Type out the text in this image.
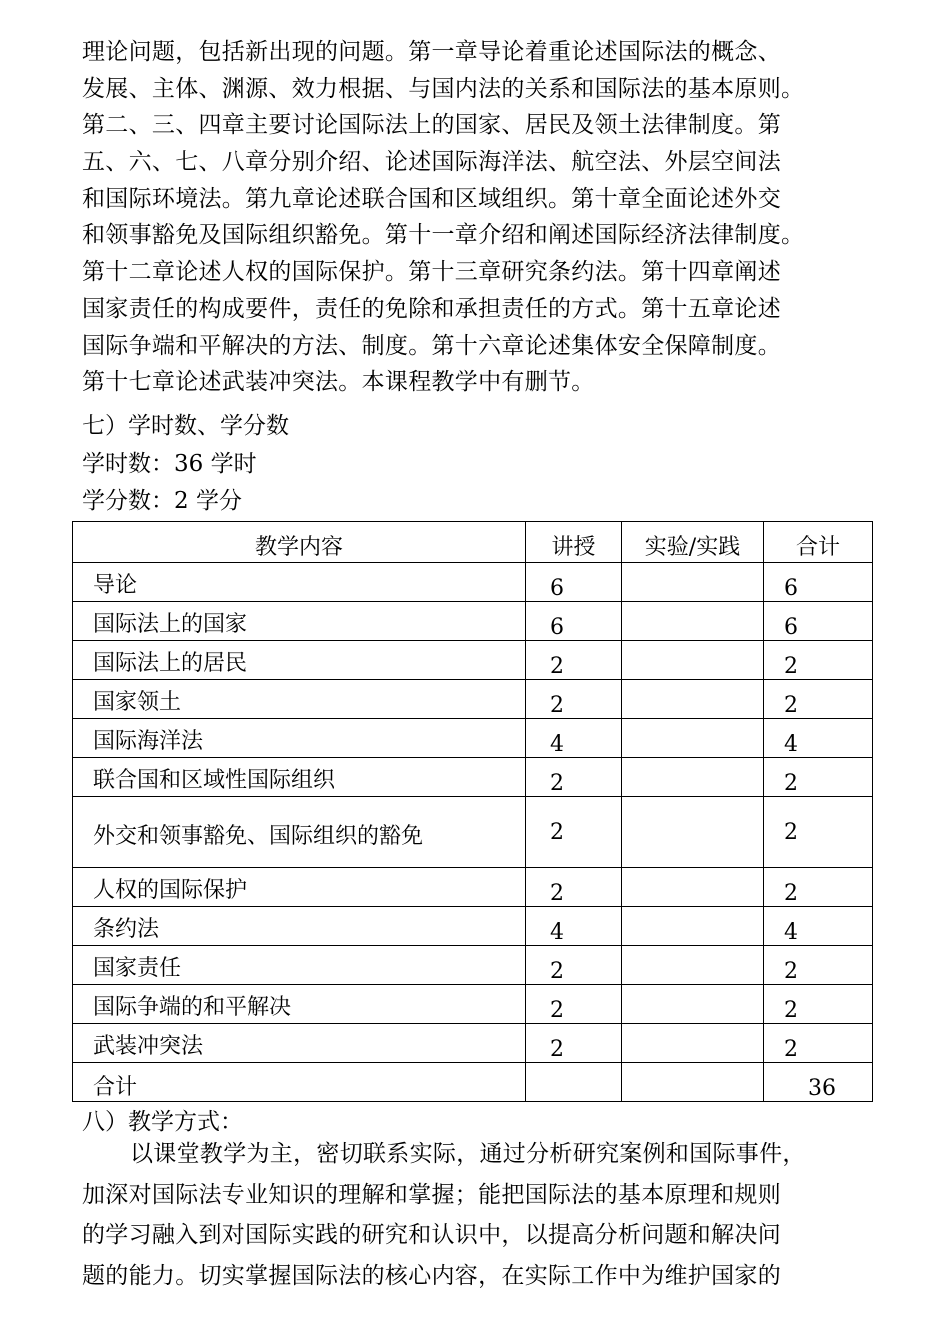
理论问题，包括新出现的问题。第一章导论着重论述国际法的概念、
发展、主体、渊源、效力根据、与国内法的关系和国际法的基本原则。
第二、三、四章主要讨论国际法上的国家、居民及领土法律制度。第
五、六、七、八章分别介绍、论述国际海洋法、航空法、外层空间法
和国际环境法。第九章论述联合国和区域组织。第十章全面论述外交
和领事豁免及国际组织豁免。第十一章介绍和阐述国际经济法律制度。
第十二章论述人权的国际保护。第十三章研究条约法。第十四章阐述
国家责任的构成要件，责任的免除和承担责任的方式。第十五章论述
国际争端和平解决的方法、制度。第十六章论述集体安全保障制度。
第十七章论述武装冲突法。本课程教学中有删节。
七）学时数、学分数
学时数：36 学时
学分数：2 学分
教学内容	讲授	实验/实践	合计
导论	6		6
国际法上的国家	6		6
国际法上的居民	2		2
国家领土	2		2
国际海洋法	4		4
联合国和区域性国际组织	2		2
外交和领事豁免、国际组织的豁免	2		2
人权的国际保护	2		2
条约法	4		4
国家责任	2		2
国际争端的和平解决	2		2
武装冲突法	2		2
合计			36
八）教学方式：
以课堂教学为主，密切联系实际，通过分析研究案例和国际事件，
加深对国际法专业知识的理解和掌握；能把国际法的基本原理和规则
的学习融入到对国际实践的研究和认识中，以提高分析问题和解决问
题的能力。切实掌握国际法的核心内容，在实际工作中为维护国家的
